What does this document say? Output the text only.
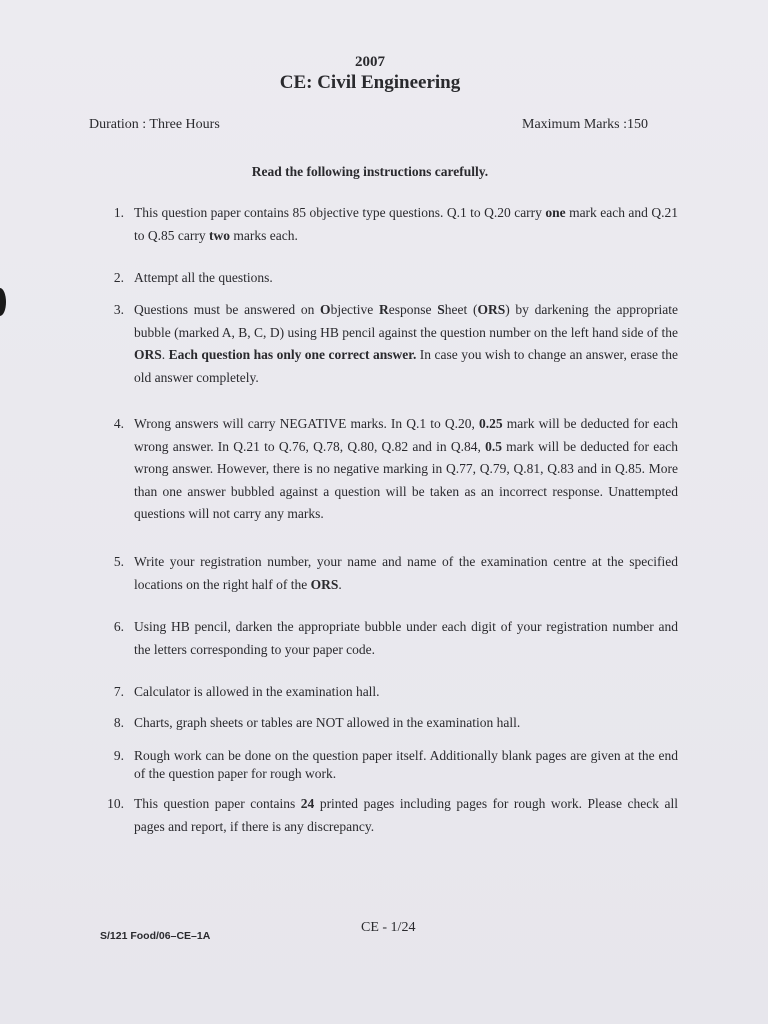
2007
CE: Civil Engineering
Duration : Three Hours	Maximum Marks :150
Read the following instructions carefully.
1. This question paper contains 85 objective type questions. Q.1 to Q.20 carry one mark each and Q.21 to Q.85 carry two marks each.
2. Attempt all the questions.
3. Questions must be answered on Objective Response Sheet (ORS) by darkening the appropriate bubble (marked A, B, C, D) using HB pencil against the question number on the left hand side of the ORS. Each question has only one correct answer. In case you wish to change an answer, erase the old answer completely.
4. Wrong answers will carry NEGATIVE marks. In Q.1 to Q.20, 0.25 mark will be deducted for each wrong answer. In Q.21 to Q.76, Q.78, Q.80, Q.82 and in Q.84, 0.5 mark will be deducted for each wrong answer. However, there is no negative marking in Q.77, Q.79, Q.81, Q.83 and in Q.85. More than one answer bubbled against a question will be taken as an incorrect response. Unattempted questions will not carry any marks.
5. Write your registration number, your name and name of the examination centre at the specified locations on the right half of the ORS.
6. Using HB pencil, darken the appropriate bubble under each digit of your registration number and the letters corresponding to your paper code.
7. Calculator is allowed in the examination hall.
8. Charts, graph sheets or tables are NOT allowed in the examination hall.
9. Rough work can be done on the question paper itself. Additionally blank pages are given at the end of the question paper for rough work.
10. This question paper contains 24 printed pages including pages for rough work. Please check all pages and report, if there is any discrepancy.
S/121 Food/06–CE–1A
CE - 1/24
